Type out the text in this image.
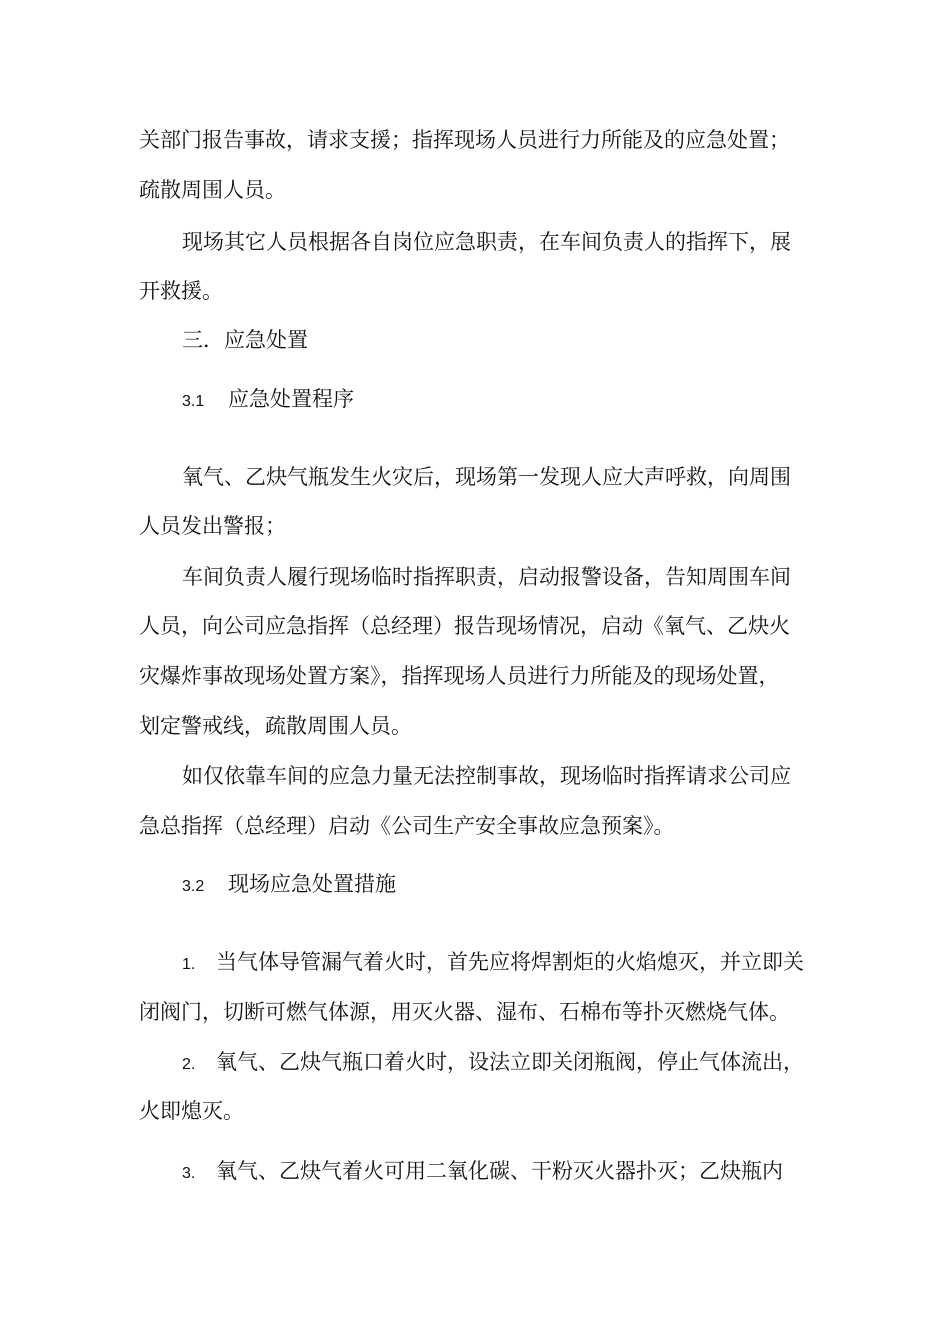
关部门报告事故，请求支援；指挥现场人员进行力所能及的应急处置；

疏散周围人员。

现场其它人员根据各自岗位应急职责，在车间负责人的指挥下，展

开救援。

三．应急处置

3.1 应急处置程序

氧气、乙炔气瓶发生火灾后，现场第一发现人应大声呼救，向周围

人员发出警报；

车间负责人履行现场临时指挥职责，启动报警设备，告知周围车间

人员，向公司应急指挥（总经理）报告现场情况，启动《氧气、乙炔火

灾爆炸事故现场处置方案》，指挥现场人员进行力所能及的现场处置，

划定警戒线，疏散周围人员。

如仅依靠车间的应急力量无法控制事故，现场临时指挥请求公司应

急总指挥（总经理）启动《公司生产安全事故应急预案》。

3.2 现场应急处置措施

1. 当气体导管漏气着火时，首先应将焊割炬的火焰熄灭，并立即关

闭阀门，切断可燃气体源，用灭火器、湿布、石棉布等扑灭燃烧气体。

2. 氧气、乙炔气瓶口着火时，设法立即关闭瓶阀，停止气体流出，

火即熄灭。

3. 氧气、乙炔气着火可用二氧化碳、干粉灭火器扑灭；乙炔瓶内
